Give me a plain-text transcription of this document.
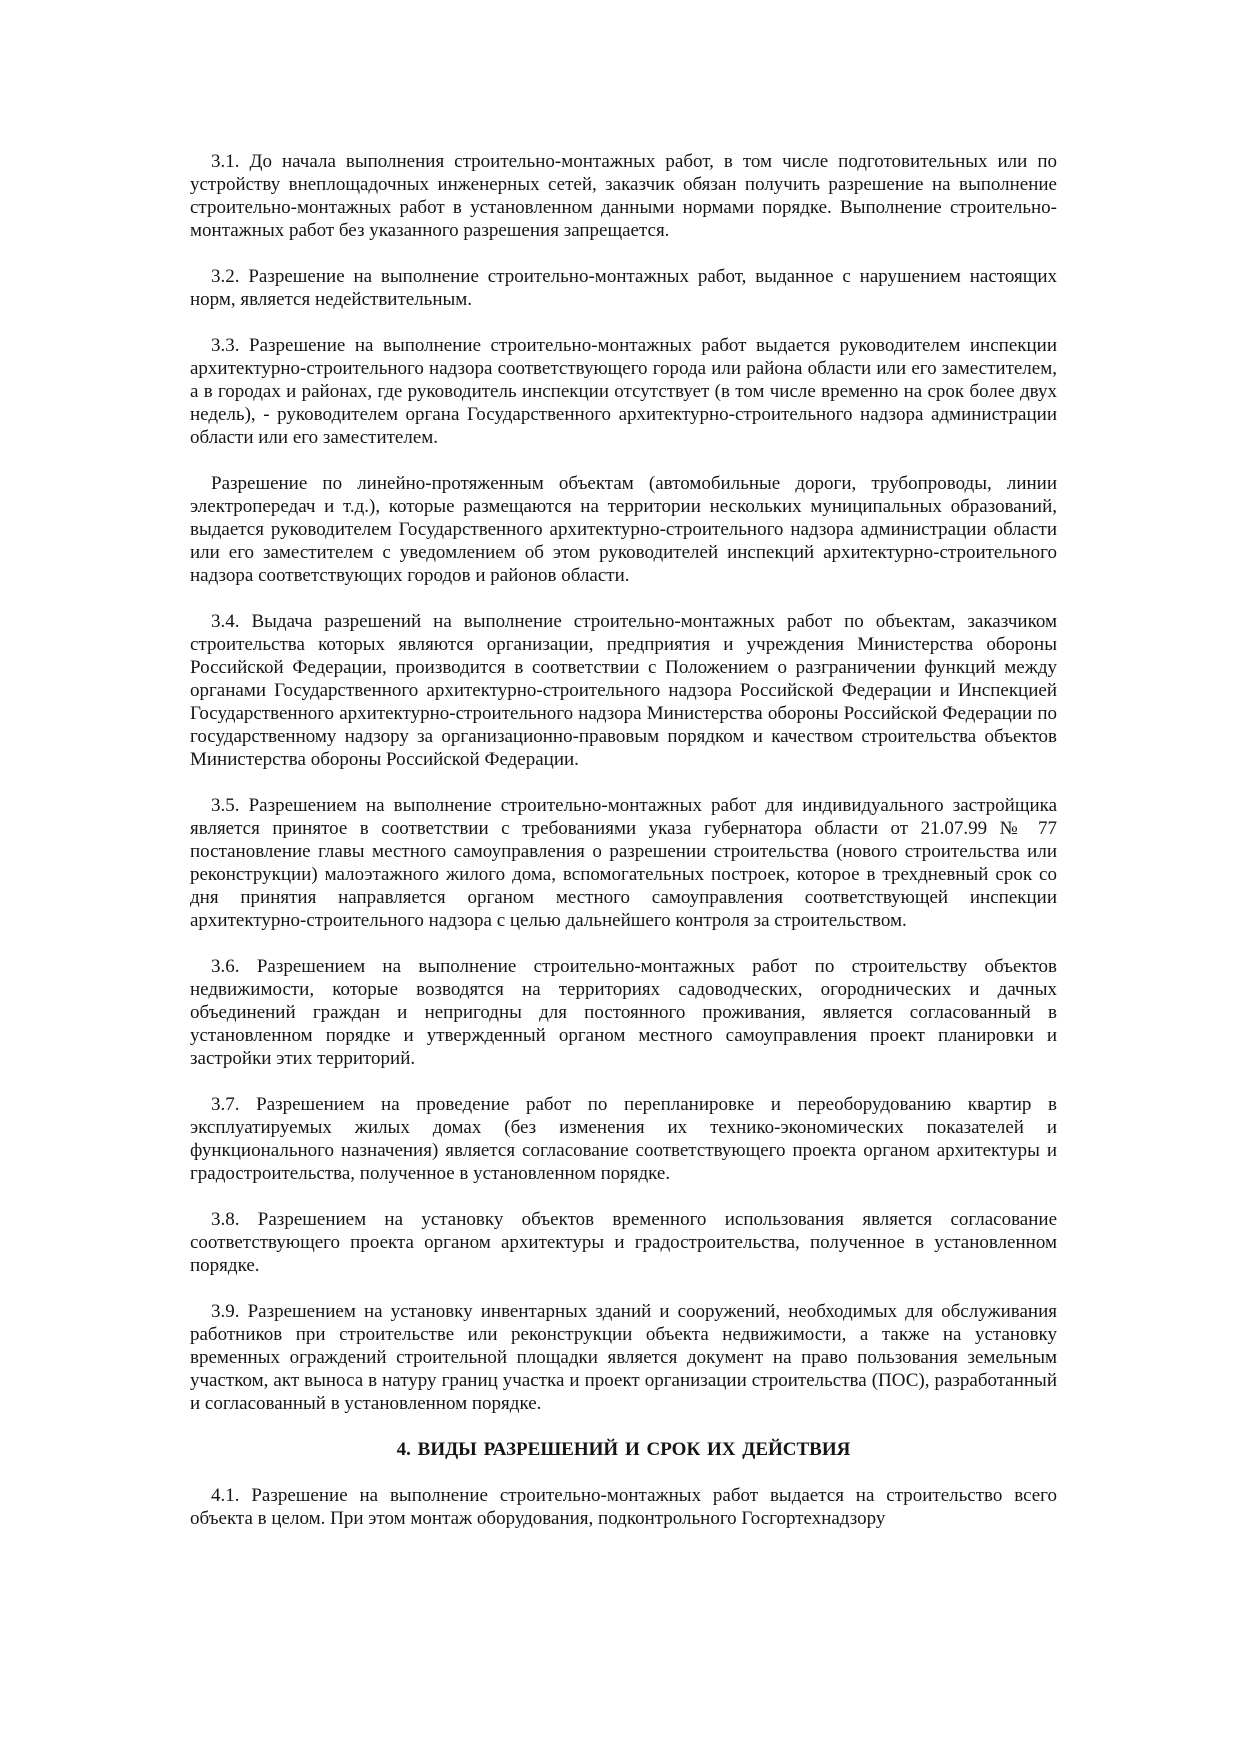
3.1. До начала выполнения строительно-монтажных работ, в том числе подготовительных или по устройству внеплощадочных инженерных сетей, заказчик обязан получить разрешение на выполнение строительно-монтажных работ в установленном данными нормами порядке. Выполнение строительно-монтажных работ без указанного разрешения запрещается.

3.2. Разрешение на выполнение строительно-монтажных работ, выданное с нарушением настоящих норм, является недействительным.

3.3. Разрешение на выполнение строительно-монтажных работ выдается руководителем инспекции архитектурно-строительного надзора соответствующего города или района области или его заместителем, а в городах и районах, где руководитель инспекции отсутствует (в том числе временно на срок более двух недель), - руководителем органа Государственного архитектурно-строительного надзора администрации области или его заместителем.

Разрешение по линейно-протяженным объектам (автомобильные дороги, трубопроводы, линии электропередач и т.д.), которые размещаются на территории нескольких муниципальных образований, выдается руководителем Государственного архитектурно-строительного надзора администрации области или его заместителем с уведомлением об этом руководителей инспекций архитектурно-строительного надзора соответствующих городов и районов области.

3.4. Выдача разрешений на выполнение строительно-монтажных работ по объектам, заказчиком строительства которых являются организации, предприятия и учреждения Министерства обороны Российской Федерации, производится в соответствии с Положением о разграничении функций между органами Государственного архитектурно-строительного надзора Российской Федерации и Инспекцией Государственного архитектурно-строительного надзора Министерства обороны Российской Федерации по государственному надзору за организационно-правовым порядком и качеством строительства объектов Министерства обороны Российской Федерации.

3.5. Разрешением на выполнение строительно-монтажных работ для индивидуального застройщика является принятое в соответствии с требованиями указа губернатора области от 21.07.99 № 77 постановление главы местного самоуправления о разрешении строительства (нового строительства или реконструкции) малоэтажного жилого дома, вспомогательных построек, которое в трехдневный срок со дня принятия направляется органом местного самоуправления соответствующей инспекции архитектурно-строительного надзора с целью дальнейшего контроля за строительством.

3.6. Разрешением на выполнение строительно-монтажных работ по строительству объектов недвижимости, которые возводятся на территориях садоводческих, огороднических и дачных объединений граждан и непригодны для постоянного проживания, является согласованный в установленном порядке и утвержденный органом местного самоуправления проект планировки и застройки этих территорий.

3.7. Разрешением на проведение работ по перепланировке и переоборудованию квартир в эксплуатируемых жилых домах (без изменения их технико-экономических показателей и функционального назначения) является согласование соответствующего проекта органом архитектуры и градостроительства, полученное в установленном порядке.

3.8. Разрешением на установку объектов временного использования является согласование соответствующего проекта органом архитектуры и градостроительства, полученное в установленном порядке.

3.9. Разрешением на установку инвентарных зданий и сооружений, необходимых для обслуживания работников при строительстве или реконструкции объекта недвижимости, а также на установку временных ограждений строительной площадки является документ на право пользования земельным участком, акт выноса в натуру границ участка и проект организации строительства (ПОС), разработанный и согласованный в установленном порядке.

4. ВИДЫ РАЗРЕШЕНИЙ И СРОК ИХ ДЕЙСТВИЯ

4.1. Разрешение на выполнение строительно-монтажных работ выдается на строительство всего объекта в целом. При этом монтаж оборудования, подконтрольного Госгортехнадзору
